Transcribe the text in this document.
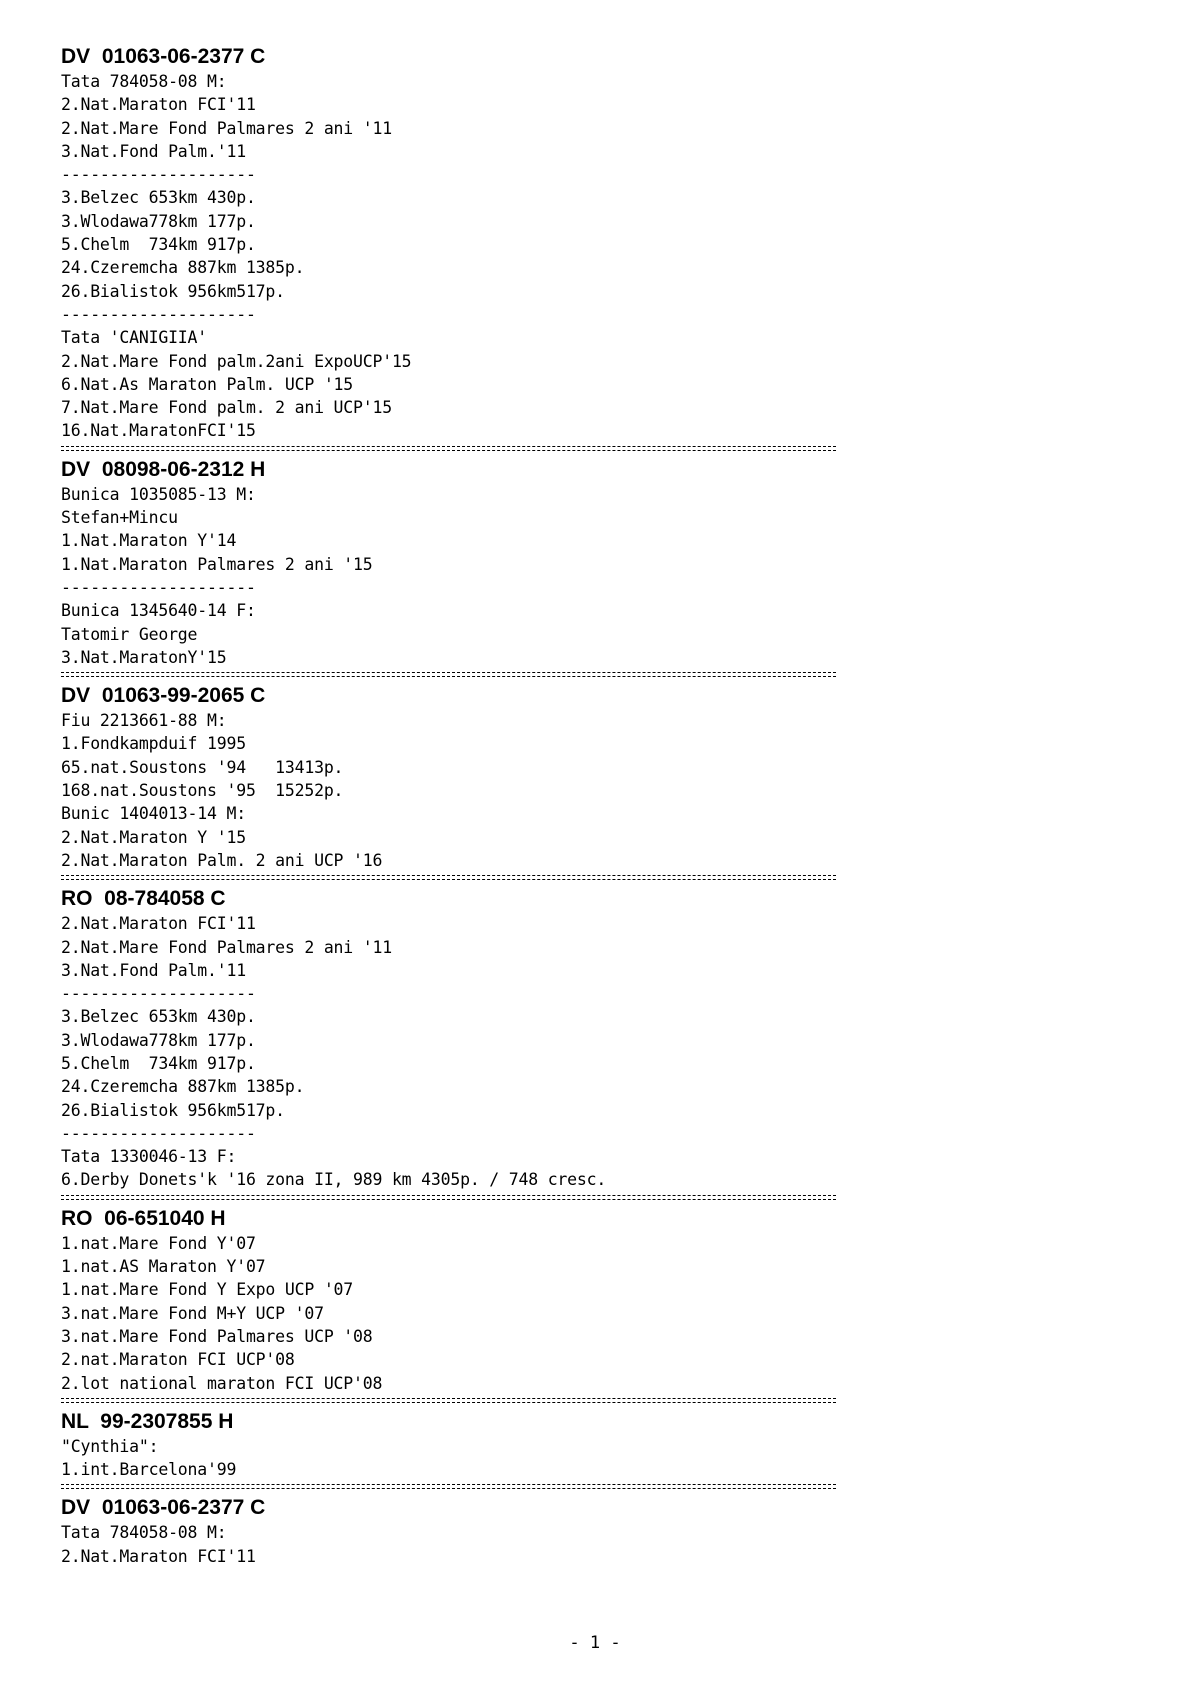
DV  01063-06-2377 C
Tata 784058-08 M:
2.Nat.Maraton FCI'11
2.Nat.Mare Fond Palmares 2 ani '11
3.Nat.Fond Palm.'11
--------------------
3.Belzec 653km 430p.
3.Wlodawa778km 177p.
5.Chelm  734km 917p.
24.Czeremcha 887km 1385p.
26.Bialistok 956km517p.
--------------------
Tata 'CANIGIIA'
2.Nat.Mare Fond palm.2ani ExpoUCP'15
6.Nat.As Maraton Palm. UCP '15
7.Nat.Mare Fond palm. 2 ani UCP'15
16.Nat.MaratonFCI'15
DV  08098-06-2312 H
Bunica 1035085-13 M:
Stefan+Mincu
1.Nat.Maraton Y'14
1.Nat.Maraton Palmares 2 ani '15
--------------------
Bunica 1345640-14 F:
Tatomir George
3.Nat.MaratonY'15
DV  01063-99-2065 C
Fiu 2213661-88 M:
1.Fondkampduif 1995
65.nat.Soustons '94   13413p.
168.nat.Soustons '95  15252p.
Bunic 1404013-14 M:
2.Nat.Maraton Y '15
2.Nat.Maraton Palm. 2 ani UCP '16
RO  08-784058 C
2.Nat.Maraton FCI'11
2.Nat.Mare Fond Palmares 2 ani '11
3.Nat.Fond Palm.'11
--------------------
3.Belzec 653km 430p.
3.Wlodawa778km 177p.
5.Chelm  734km 917p.
24.Czeremcha 887km 1385p.
26.Bialistok 956km517p.
--------------------
Tata 1330046-13 F:
6.Derby Donets'k '16 zona II, 989 km 4305p. / 748 cresc.
RO  06-651040 H
1.nat.Mare Fond Y'07
1.nat.AS Maraton Y'07
1.nat.Mare Fond Y Expo UCP '07
3.nat.Mare Fond M+Y UCP '07
3.nat.Mare Fond Palmares UCP '08
2.nat.Maraton FCI UCP'08
2.lot national maraton FCI UCP'08
NL  99-2307855 H
"Cynthia":
1.int.Barcelona'99
DV  01063-06-2377 C
Tata 784058-08 M:
2.Nat.Maraton FCI'11
- 1 -
